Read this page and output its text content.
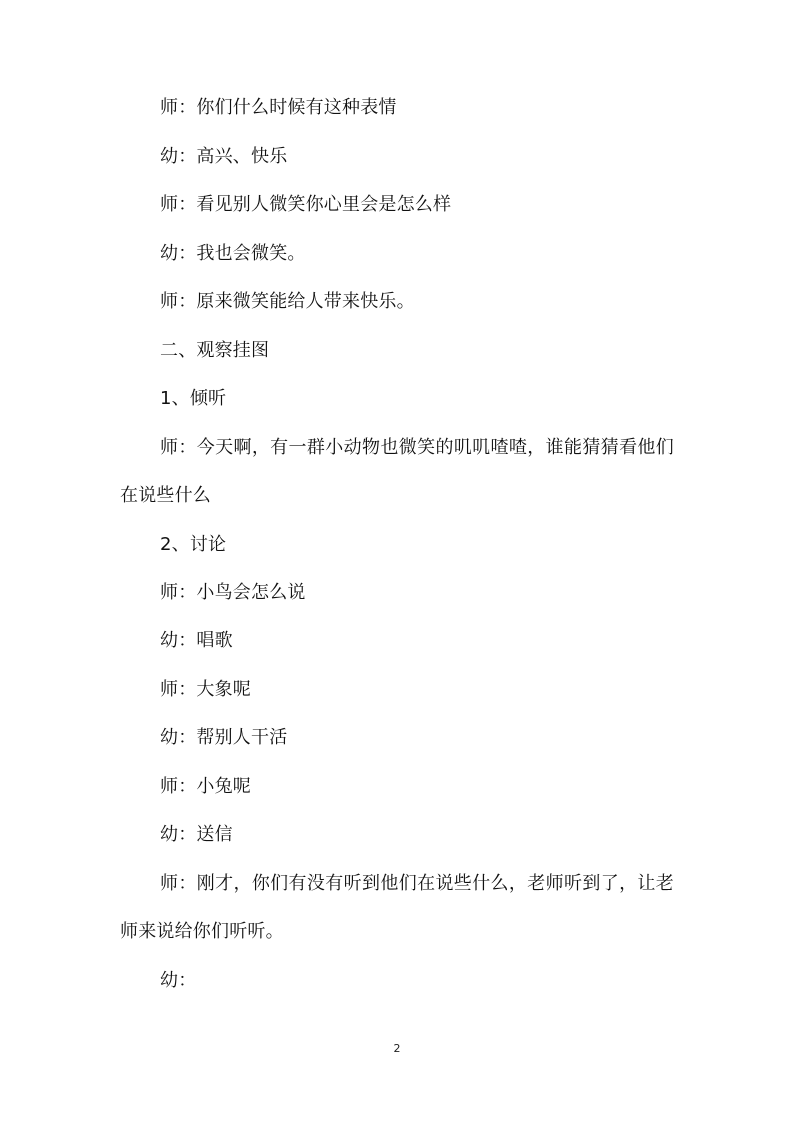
师：你们什么时候有这种表情
幼：高兴、快乐
师：看见别人微笑你心里会是怎么样
幼：我也会微笑。
师：原来微笑能给人带来快乐。
二、观察挂图
1、倾听
师：今天啊，有一群小动物也微笑的叽叽喳喳，谁能猜猜看他们
在说些什么
2、讨论
师：小鸟会怎么说
幼：唱歌
师：大象呢
幼：帮别人干活
师：小兔呢
幼：送信
师：刚才，你们有没有听到他们在说些什么，老师听到了，让老
师来说给你们听听。
幼：
2
